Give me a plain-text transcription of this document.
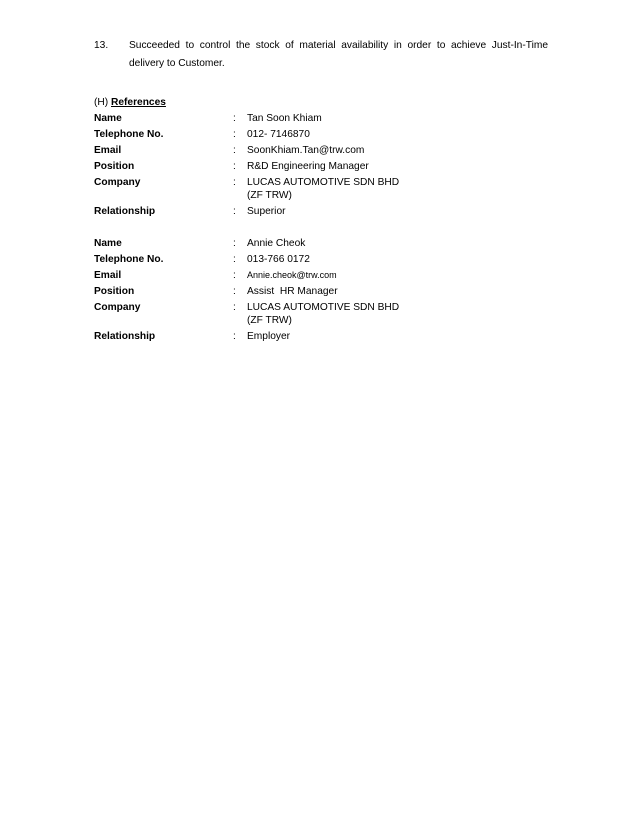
13.	Succeeded to control the stock of material availability in order to achieve Just-In-Time delivery to Customer.
(H) References
Name	:	Tan Soon Khiam
Telephone No.	:	012- 7146870
Email	:	SoonKhiam.Tan@trw.com
Position	:	R&D Engineering Manager
Company	:	LUCAS AUTOMOTIVE SDN BHD
(ZF TRW)
Relationship	:	Superior
Name	:	Annie Cheok
Telephone No.	:	013-766 0172
Email	:	Annie.cheok@trw.com
Position	:	Assist  HR Manager
Company	:	LUCAS AUTOMOTIVE SDN BHD
(ZF TRW)
Relationship	:	Employer
